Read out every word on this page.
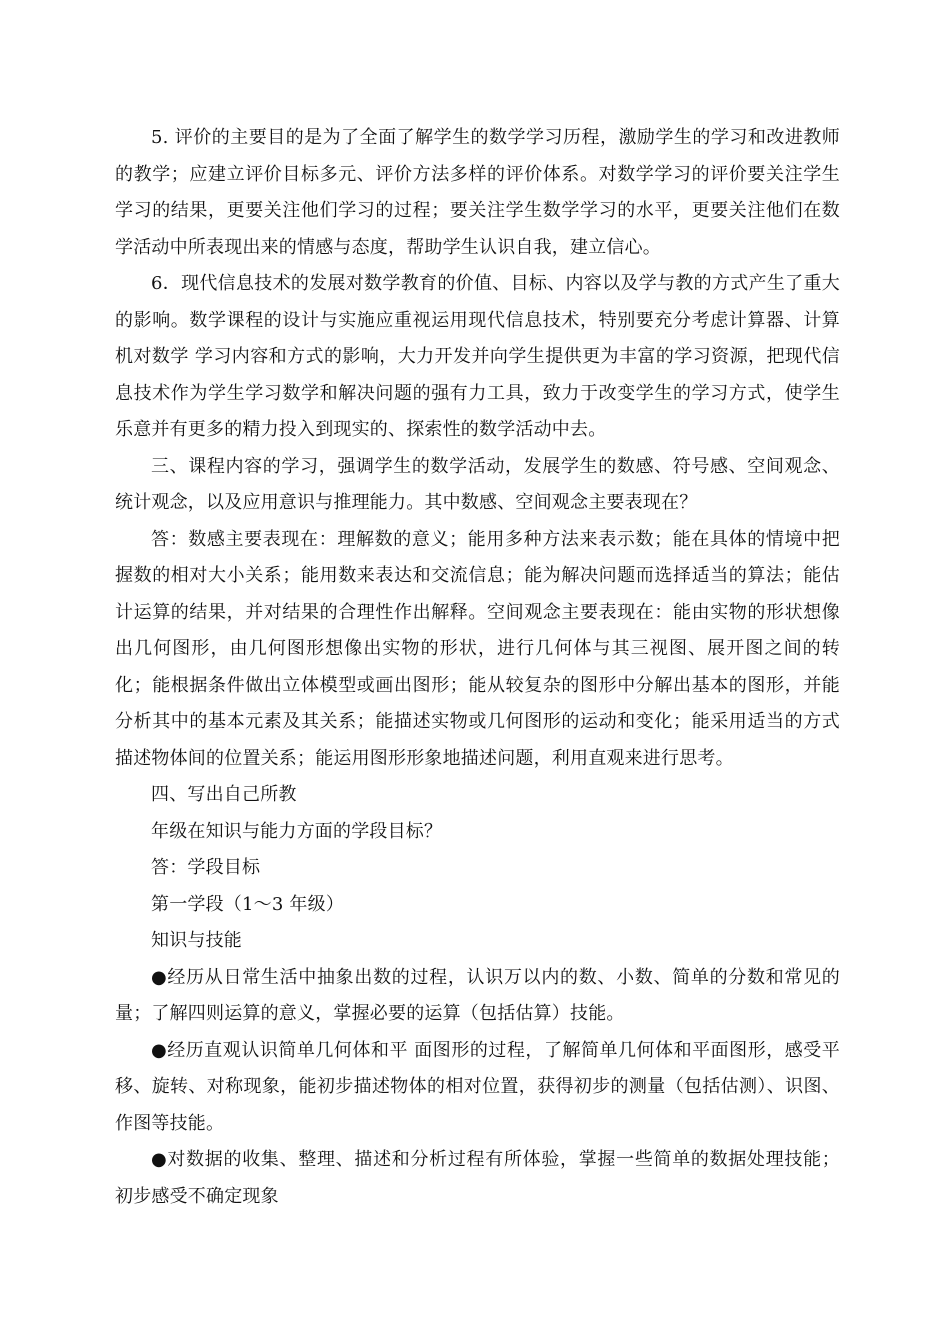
5. 评价的主要目的是为了全面了解学生的数学学习历程，激励学生的学习和改进教师的教学；应建立评价目标多元、评价方法多样的评价体系。对数学学习的评价要关注学生学习的结果，更要关注他们学习的过程；要关注学生数学学习的水平，更要关注他们在数学活动中所表现出来的情感与态度，帮助学生认识自我，建立信心。

6．现代信息技术的发展对数学教育的价值、目标、内容以及学与教的方式产生了重大的影响。数学课程的设计与实施应重视运用现代信息技术，特别要充分考虑计算器、计算机对数学 学习内容和方式的影响，大力开发并向学生提供更为丰富的学习资源，把现代信息技术作为学生学习数学和解决问题的强有力工具，致力于改变学生的学习方式，使学生乐意并有更多的精力投入到现实的、探索性的数学活动中去。

三、课程内容的学习，强调学生的数学活动，发展学生的数感、符号感、空间观念、统计观念，以及应用意识与推理能力。其中数感、空间观念主要表现在？

答：数感主要表现在：理解数的意义；能用多种方法来表示数；能在具体的情境中把握数的相对大小关系；能用数来表达和交流信息；能为解决问题而选择适当的算法；能估计运算的结果，并对结果的合理性作出解释。空间观念主要表现在：能由实物的形状想像出几何图形，由几何图形想像出实物的形状，进行几何体与其三视图、展开图之间的转化；能根据条件做出立体模型或画出图形；能从较复杂的图形中分解出基本的图形，并能分析其中的基本元素及其关系；能描述实物或几何图形的运动和变化；能采用适当的方式描述物体间的位置关系；能运用图形形象地描述问题，利用直观来进行思考。

四、写出自己所教

年级在知识与能力方面的学段目标？

答：学段目标

第一学段（1～3 年级）

知识与技能

●经历从日常生活中抽象出数的过程，认识万以内的数、小数、简单的分数和常见的量；了解四则运算的意义，掌握必要的运算（包括估算）技能。

●经历直观认识简单几何体和平 面图形的过程，了解简单几何体和平面图形，感受平移、旋转、对称现象，能初步描述物体的相对位置，获得初步的测量（包括估测）、识图、作图等技能。

●对数据的收集、整理、描述和分析过程有所体验，掌握一些简单的数据处理技能；初步感受不确定现象
